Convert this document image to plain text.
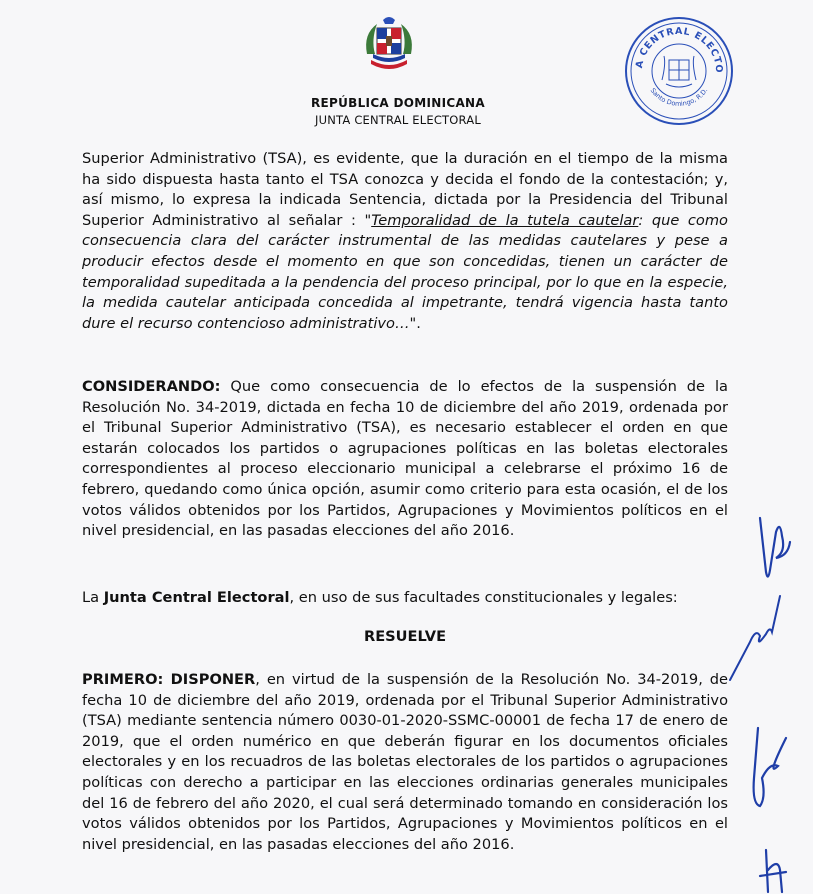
A CENTRAL ELECTO
Santo Domingo, R.D.
REPÚBLICA DOMINICANA
JUNTA CENTRAL ELECTORAL
Superior Administrativo (TSA), es evidente, que la duración en el tiempo de la misma ha sido dispuesta hasta tanto el TSA conozca y decida el fondo de la contestación; y, así mismo, lo expresa la indicada Sentencia, dictada por la Presidencia del Tribunal Superior Administrativo al señalar : "Temporalidad de la tutela cautelar: que como consecuencia clara del carácter instrumental de las medidas cautelares y pese a producir efectos desde el momento en que son concedidas, tienen un carácter de temporalidad supeditada a la pendencia del proceso principal, por lo que en la especie, la medida cautelar anticipada concedida al impetrante, tendrá vigencia hasta tanto dure el recurso contencioso administrativo…".
CONSIDERANDO: Que como consecuencia de lo efectos de la suspensión de la Resolución No. 34-2019, dictada en fecha 10 de diciembre del año 2019, ordenada por el Tribunal Superior Administrativo (TSA), es necesario establecer el orden en que estarán colocados los partidos o agrupaciones políticas en las boletas electorales correspondientes al proceso eleccionario municipal a celebrarse el próximo 16 de febrero, quedando como única opción, asumir como criterio para esta ocasión, el de los votos válidos obtenidos por los Partidos, Agrupaciones y Movimientos políticos en el nivel presidencial, en las pasadas elecciones del año 2016.
La Junta Central Electoral, en uso de sus facultades constitucionales y legales:
RESUELVE
PRIMERO: DISPONER, en virtud de la suspensión de la Resolución No. 34-2019, de fecha 10 de diciembre del año 2019, ordenada por el Tribunal Superior Administrativo (TSA) mediante sentencia número 0030-01-2020-SSMC-00001 de fecha 17 de enero de 2019, que el orden numérico en que deberán figurar en los documentos oficiales electorales y en los recuadros de las boletas electorales de los partidos o agrupaciones políticas con derecho a participar en las elecciones ordinarias generales municipales del 16 de febrero del año 2020, el cual será determinado tomando en consideración los votos válidos obtenidos por los Partidos, Agrupaciones y Movimientos políticos en el nivel presidencial, en las pasadas elecciones del año 2016.
